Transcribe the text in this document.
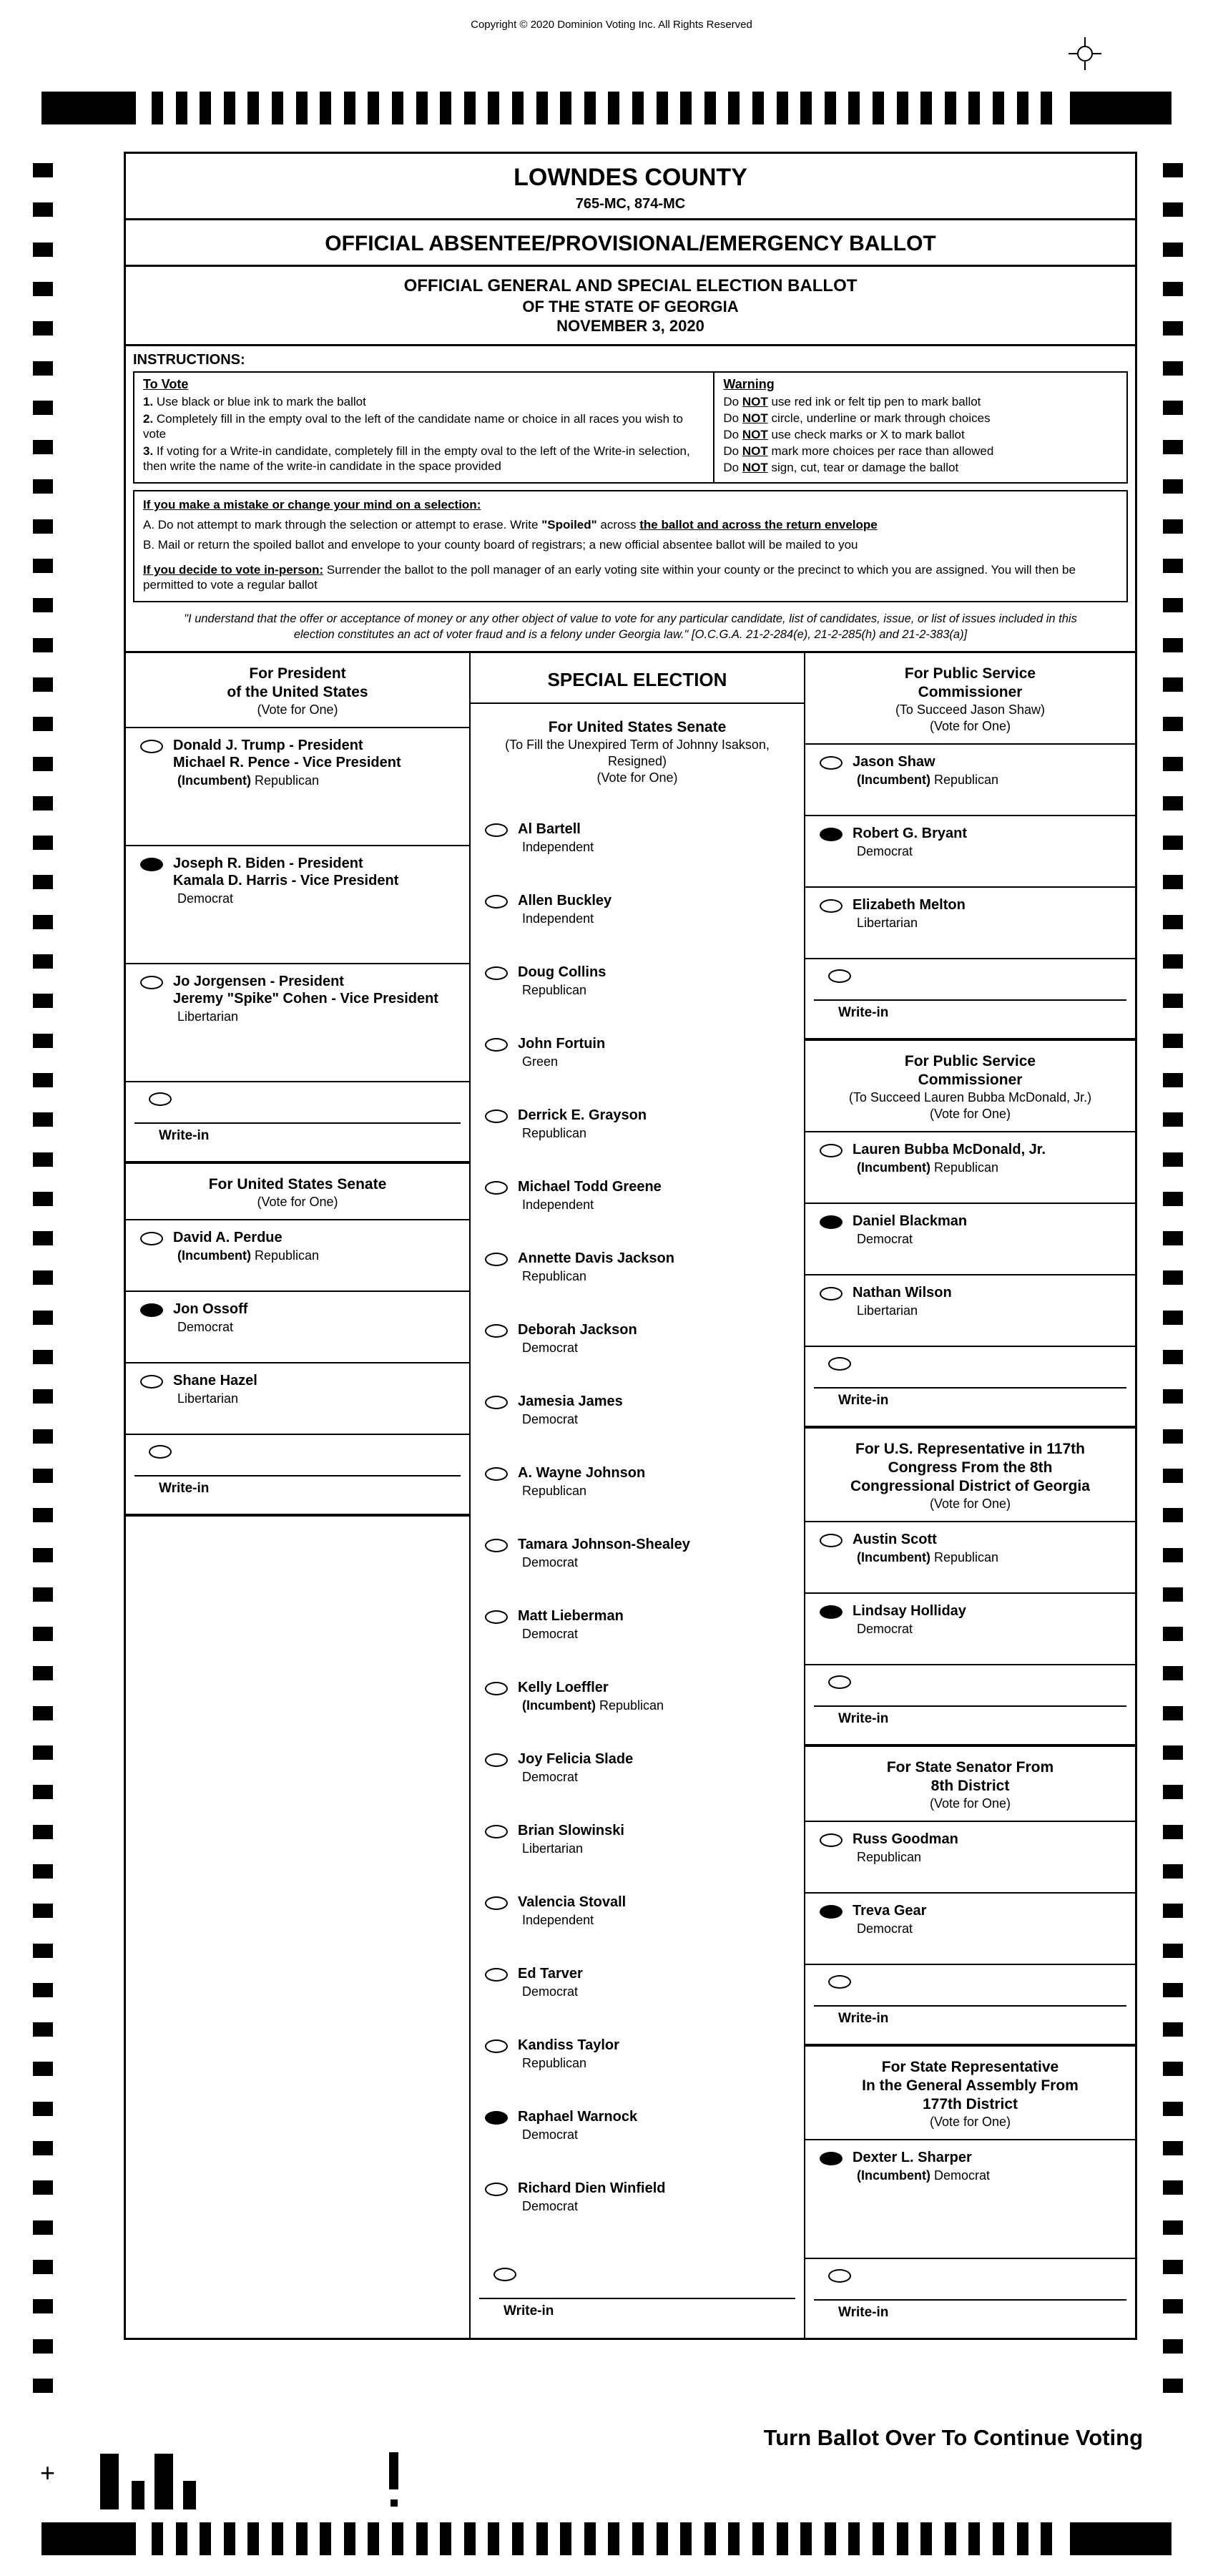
Copyright © 2020 Dominion Voting Inc. All Rights Reserved
LOWNDES COUNTY
765-MC, 874-MC
OFFICIAL ABSENTEE/PROVISIONAL/EMERGENCY BALLOT
OFFICIAL GENERAL AND SPECIAL ELECTION BALLOT
OF THE STATE OF GEORGIA
NOVEMBER 3, 2020
INSTRUCTIONS:
To Vote
1. Use black or blue ink to mark the ballot
2. Completely fill in the empty oval to the left of the candidate name or choice in all races you wish to vote
3. If voting for a Write-in candidate, completely fill in the empty oval to the left of the Write-in selection, then write the name of the write-in candidate in the space provided
Warning
Do NOT use red ink or felt tip pen to mark ballot
Do NOT circle, underline or mark through choices
Do NOT use check marks or X to mark ballot
Do NOT mark more choices per race than allowed
Do NOT sign, cut, tear or damage the ballot
If you make a mistake or change your mind on a selection:
A. Do not attempt to mark through the selection or attempt to erase. Write "Spoiled" across the ballot and across the return envelope
B. Mail or return the spoiled ballot and envelope to your county board of registrars; a new official absentee ballot will be mailed to you
If you decide to vote in-person: Surrender the ballot to the poll manager of an early voting site within your county or the precinct to which you are assigned. You will then be permitted to vote a regular ballot
"I understand that the offer or acceptance of money or any other object of value to vote for any particular candidate, list of candidates, issue, or list of issues included in this election constitutes an act of voter fraud and is a felony under Georgia law." [O.C.G.A. 21-2-284(e), 21-2-285(h) and 21-2-383(a)]
For President
of the United States
(Vote for One)
Donald J. Trump - President
Michael R. Pence - Vice President
(Incumbent) Republican
Joseph R. Biden - President
Kamala D. Harris - Vice President
Democrat
Jo Jorgensen - President
Jeremy "Spike" Cohen - Vice President
Libertarian
Write-in
For United States Senate
(Vote for One)
David A. Perdue
(Incumbent) Republican
Jon Ossoff
Democrat
Shane Hazel
Libertarian
Write-in
SPECIAL ELECTION
For United States Senate
(To Fill the Unexpired Term of Johnny Isakson, Resigned)
(Vote for One)
Al Bartell
Independent
Allen Buckley
Independent
Doug Collins
Republican
John Fortuin
Green
Derrick E. Grayson
Republican
Michael Todd Greene
Independent
Annette Davis Jackson
Republican
Deborah Jackson
Democrat
Jamesia James
Democrat
A. Wayne Johnson
Republican
Tamara Johnson-Shealey
Democrat
Matt Lieberman
Democrat
Kelly Loeffler
(Incumbent) Republican
Joy Felicia Slade
Democrat
Brian Slowinski
Libertarian
Valencia Stovall
Independent
Ed Tarver
Democrat
Kandiss Taylor
Republican
Raphael Warnock
Democrat
Richard Dien Winfield
Democrat
Write-in
For Public Service
Commissioner
(To Succeed Jason Shaw)
(Vote for One)
Jason Shaw
(Incumbent) Republican
Robert G. Bryant
Democrat
Elizabeth Melton
Libertarian
Write-in
For Public Service
Commissioner
(To Succeed Lauren Bubba McDonald, Jr.)
(Vote for One)
Lauren Bubba McDonald, Jr.
(Incumbent) Republican
Daniel Blackman
Democrat
Nathan Wilson
Libertarian
Write-in
For U.S. Representative in 117th
Congress From the 8th
Congressional District of Georgia
(Vote for One)
Austin Scott
(Incumbent) Republican
Lindsay Holliday
Democrat
Write-in
For State Senator From
8th District
(Vote for One)
Russ Goodman
Republican
Treva Gear
Democrat
Write-in
For State Representative
In the General Assembly From
177th District
(Vote for One)
Dexter L. Sharper
(Incumbent) Democrat
Write-in
+
Turn Ballot Over To Continue Voting
